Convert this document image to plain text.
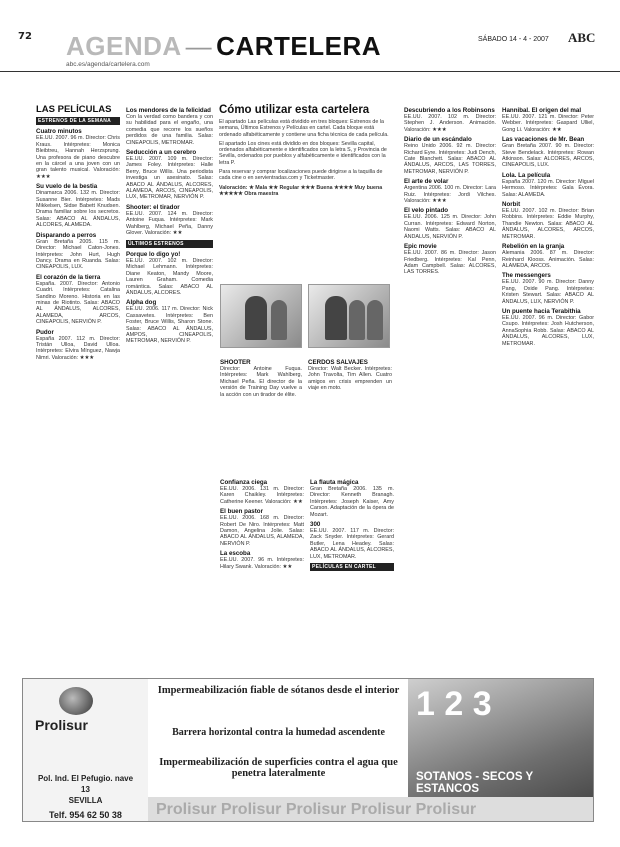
72 AGENDA — CARTELERA	SÁBADO 14 - 4 - 2007 ABC
abc.es/agenda/cartelera.com
LAS PELÍCULAS
ESTRENOS DE LA SEMANA
Cuatro minutos

EE.UU. 2007. 96 m. Director: Chris Kraus. Intérpretes: Monica Bleibtreu, Hannah Herzsprung. Una profesora de piano descubre en la cárcel a una joven con un gran talento musical. Valoración: ★★★

Su vuelo de la bestia

Dinamarca 2006. 132 m. Director: Susanne Bier. Intérpretes: Mads Mikkelsen, Sidse Babett Knudsen. Drama familiar sobre los secretos. Salas: ABACO AL ÁNDALUS, ALCORES, ALAMEDA.

Disparando a perros

Gran Bretaña 2005. 115 m. Director: Michael Caton-Jones. Intérpretes: John Hurt, Hugh Dancy. Drama en Ruanda. Salas: CINEAPOLIS, LUX.

El corazón de la tierra

España. 2007. Director: Antonio Cuadri. Intérpretes: Catalina Sandino Moreno. Historia en las minas de Riotinto. Salas: ABACO AL ÁNDALUS, ALCORES, ALAMEDA, ARCOS, CINEAPOLIS, NERVIÓN P.

Pudor

España 2007. 112 m. Director: Tristán Ulloa, David Ulloa. Intérpretes: Elvira Mínguez, Nawja Nimri. Valoración: ★★★

Los mendores de la felicidad

Con la verdad como bandera y con su habilidad para el engaño, una comedia que recorre los sueños perdidos de una familia. Salas: CINEAPOLIS, METROMAR.

Seducción a un cerebro

EE.UU. 2007. 109 m. Director: James Foley. Intérpretes: Halle Berry, Bruce Willis. Una periodista investiga un asesinato. Salas: ABACO AL ÁNDALUS, ALCORES, ALAMEDA, ARCOS, CINEAPOLIS, LUX, METROMAR, NERVIÓN P.

Shooter: el tirador

EE.UU. 2007. 124 m. Director: Antoine Fuqua. Intérpretes: Mark Wahlberg, Michael Peña, Danny Glover. Valoración: ★★

ÚLTIMOS ESTRENOS
Porque lo digo yo!

EE.UU. 2007. 102 m. Director: Michael Lehmann. Intérpretes: Diane Keaton, Mandy Moore, Lauren Graham. Comedia romántica. Salas: ABACO AL ÁNDALUS, ALCORES.

Alpha dog

EE.UU. 2006. 117 m. Director: Nick Cassavetes. Intérpretes: Ben Foster, Bruce Willis, Sharon Stone. Salas: ABACO AL ÁNDALUS, AMPOS, CINEAPOLIS, METROMAR, NERVIÓN P.

Cómo utilizar esta cartelera

El apartado Las películas está dividido en tres bloques: Estrenos de la semana, Últimos Estrenos y Películas en cartel. Cada bloque está ordenado alfabéticamente y contiene una ficha técnica de cada película.

El apartado Los cines está dividido en dos bloques: Sevilla capital, ordenados alfabéticamente e identificados con la letra S, y Provincia de Sevilla, ordenados por pueblos y alfabéticamente e identificados con la letra P.

Para reservar y comprar localizaciones puede dirigirse a la taquilla de cada cine o en servientradas.com y Ticketmaster.

Valoración: ★ Mala ★★ Regular ★★★ Buena ★★★★ Muy buena ★★★★★ Obra maestra

SHOOTER

Director: Antoine Fuqua. Intérpretes: Mark Wahlberg, Michael Peña. El director de la versión de Training Day vuelve a la acción con un tirador de élite.

CERDOS SALVAJES

Director: Walt Becker. Intérpretes: John Travolta, Tim Allen. Cuatro amigos en crisis emprenden un viaje en moto.

Confianza ciega

EE.UU. 2006. 131 m. Director: Karen Chaikley. Intérpretes: Catherine Keener. Valoración: ★★

El buen pastor

EE.UU. 2006. 168 m. Director: Robert De Niro. Intérpretes: Matt Damon, Angelina Jolie. Salas: ABACO AL ÁNDALUS, ALAMEDA, NERVIÓN P.

La escoba

EE.UU. 2007. 96 m. Intérpretes: Hilary Swank. Valoración: ★★

La flauta mágica

Gran Bretaña 2006. 135 m. Director: Kenneth Branagh. Intérpretes: Joseph Kaiser, Amy Carson. Adaptación de la ópera de Mozart.

300

EE.UU. 2007. 117 m. Director: Zack Snyder. Intérpretes: Gerard Butler, Lena Headey. Salas: ABACO AL ÁNDALUS, ALCORES, LUX, METROMAR.

PELÍCULAS EN CARTEL
Descubriendo a los Robinsons

EE.UU. 2007. 102 m. Director: Stephen J. Anderson. Animación. Valoración: ★★★

Diario de un escándalo

Reino Unido 2006. 92 m. Director: Richard Eyre. Intérpretes: Judi Dench, Cate Blanchett. Salas: ABACO AL ÁNDALUS, ARCOS, LAS TORRES, METROMAR, NERVIÓN P.

El arte de volar

Argentina 2006. 100 m. Director: Lara Ruiz. Intérpretes: Jordi Vilches. Valoración: ★★★

El velo pintado

EE.UU. 2006. 125 m. Director: John Curran. Intérpretes: Edward Norton, Naomi Watts. Salas: ABACO AL ÁNDALUS, NERVIÓN P.

Epic movie

EE.UU. 2007. 86 m. Director: Jason Friedberg. Intérpretes: Kal Penn, Adam Campbell. Salas: ALCORES, LAS TORRES.

Hannibal. El origen del mal

EE.UU. 2007. 121 m. Director: Peter Webber. Intérpretes: Gaspard Ulliel, Gong Li. Valoración: ★★

Las vacaciones de Mr. Bean

Gran Bretaña 2007. 90 m. Director: Steve Bendelack. Intérpretes: Rowan Atkinson. Salas: ALCORES, ARCOS, CINEAPOLIS, LUX.

Lola. La película

España 2007. 120 m. Director: Miguel Hermoso. Intérpretes: Gala Évora. Salas: ALAMEDA.

Norbit

EE.UU. 2007. 102 m. Director: Brian Robbins. Intérpretes: Eddie Murphy, Thandie Newton. Salas: ABACO AL ÁNDALUS, ALCORES, ARCOS, METROMAR.

Rebelión en la granja

Alemania 2006. 87 m. Director: Reinhard Klooss. Animación. Salas: ALAMEDA, ARCOS.

The messengers

EE.UU. 2007. 90 m. Director: Danny Pang, Oxide Pang. Intérpretes: Kristen Stewart. Salas: ABACO AL ÁNDALUS, LUX, NERVIÓN P.

Un puente hacia Terabithia

EE.UU. 2007. 96 m. Director: Gabor Csupo. Intérpretes: Josh Hutcherson, AnnaSophia Robb. Salas: ABACO AL ÁNDALUS, ALCORES, LUX, METROMAR.

Prolisur
Pol. Ind. El Pefugio. nave 13
SEVILLA
Telf. 954 62 50 38
Impermeabilización fiable de sótanos desde el interior
Barrera horizontal contra la humedad ascendente
Impermeabilización de superficies contra el agua que penetra lateralmente
1 2 3
SOTANOS - SECOS Y ESTANCOS
Prolisur Prolisur Prolisur Prolisur Prolisur
